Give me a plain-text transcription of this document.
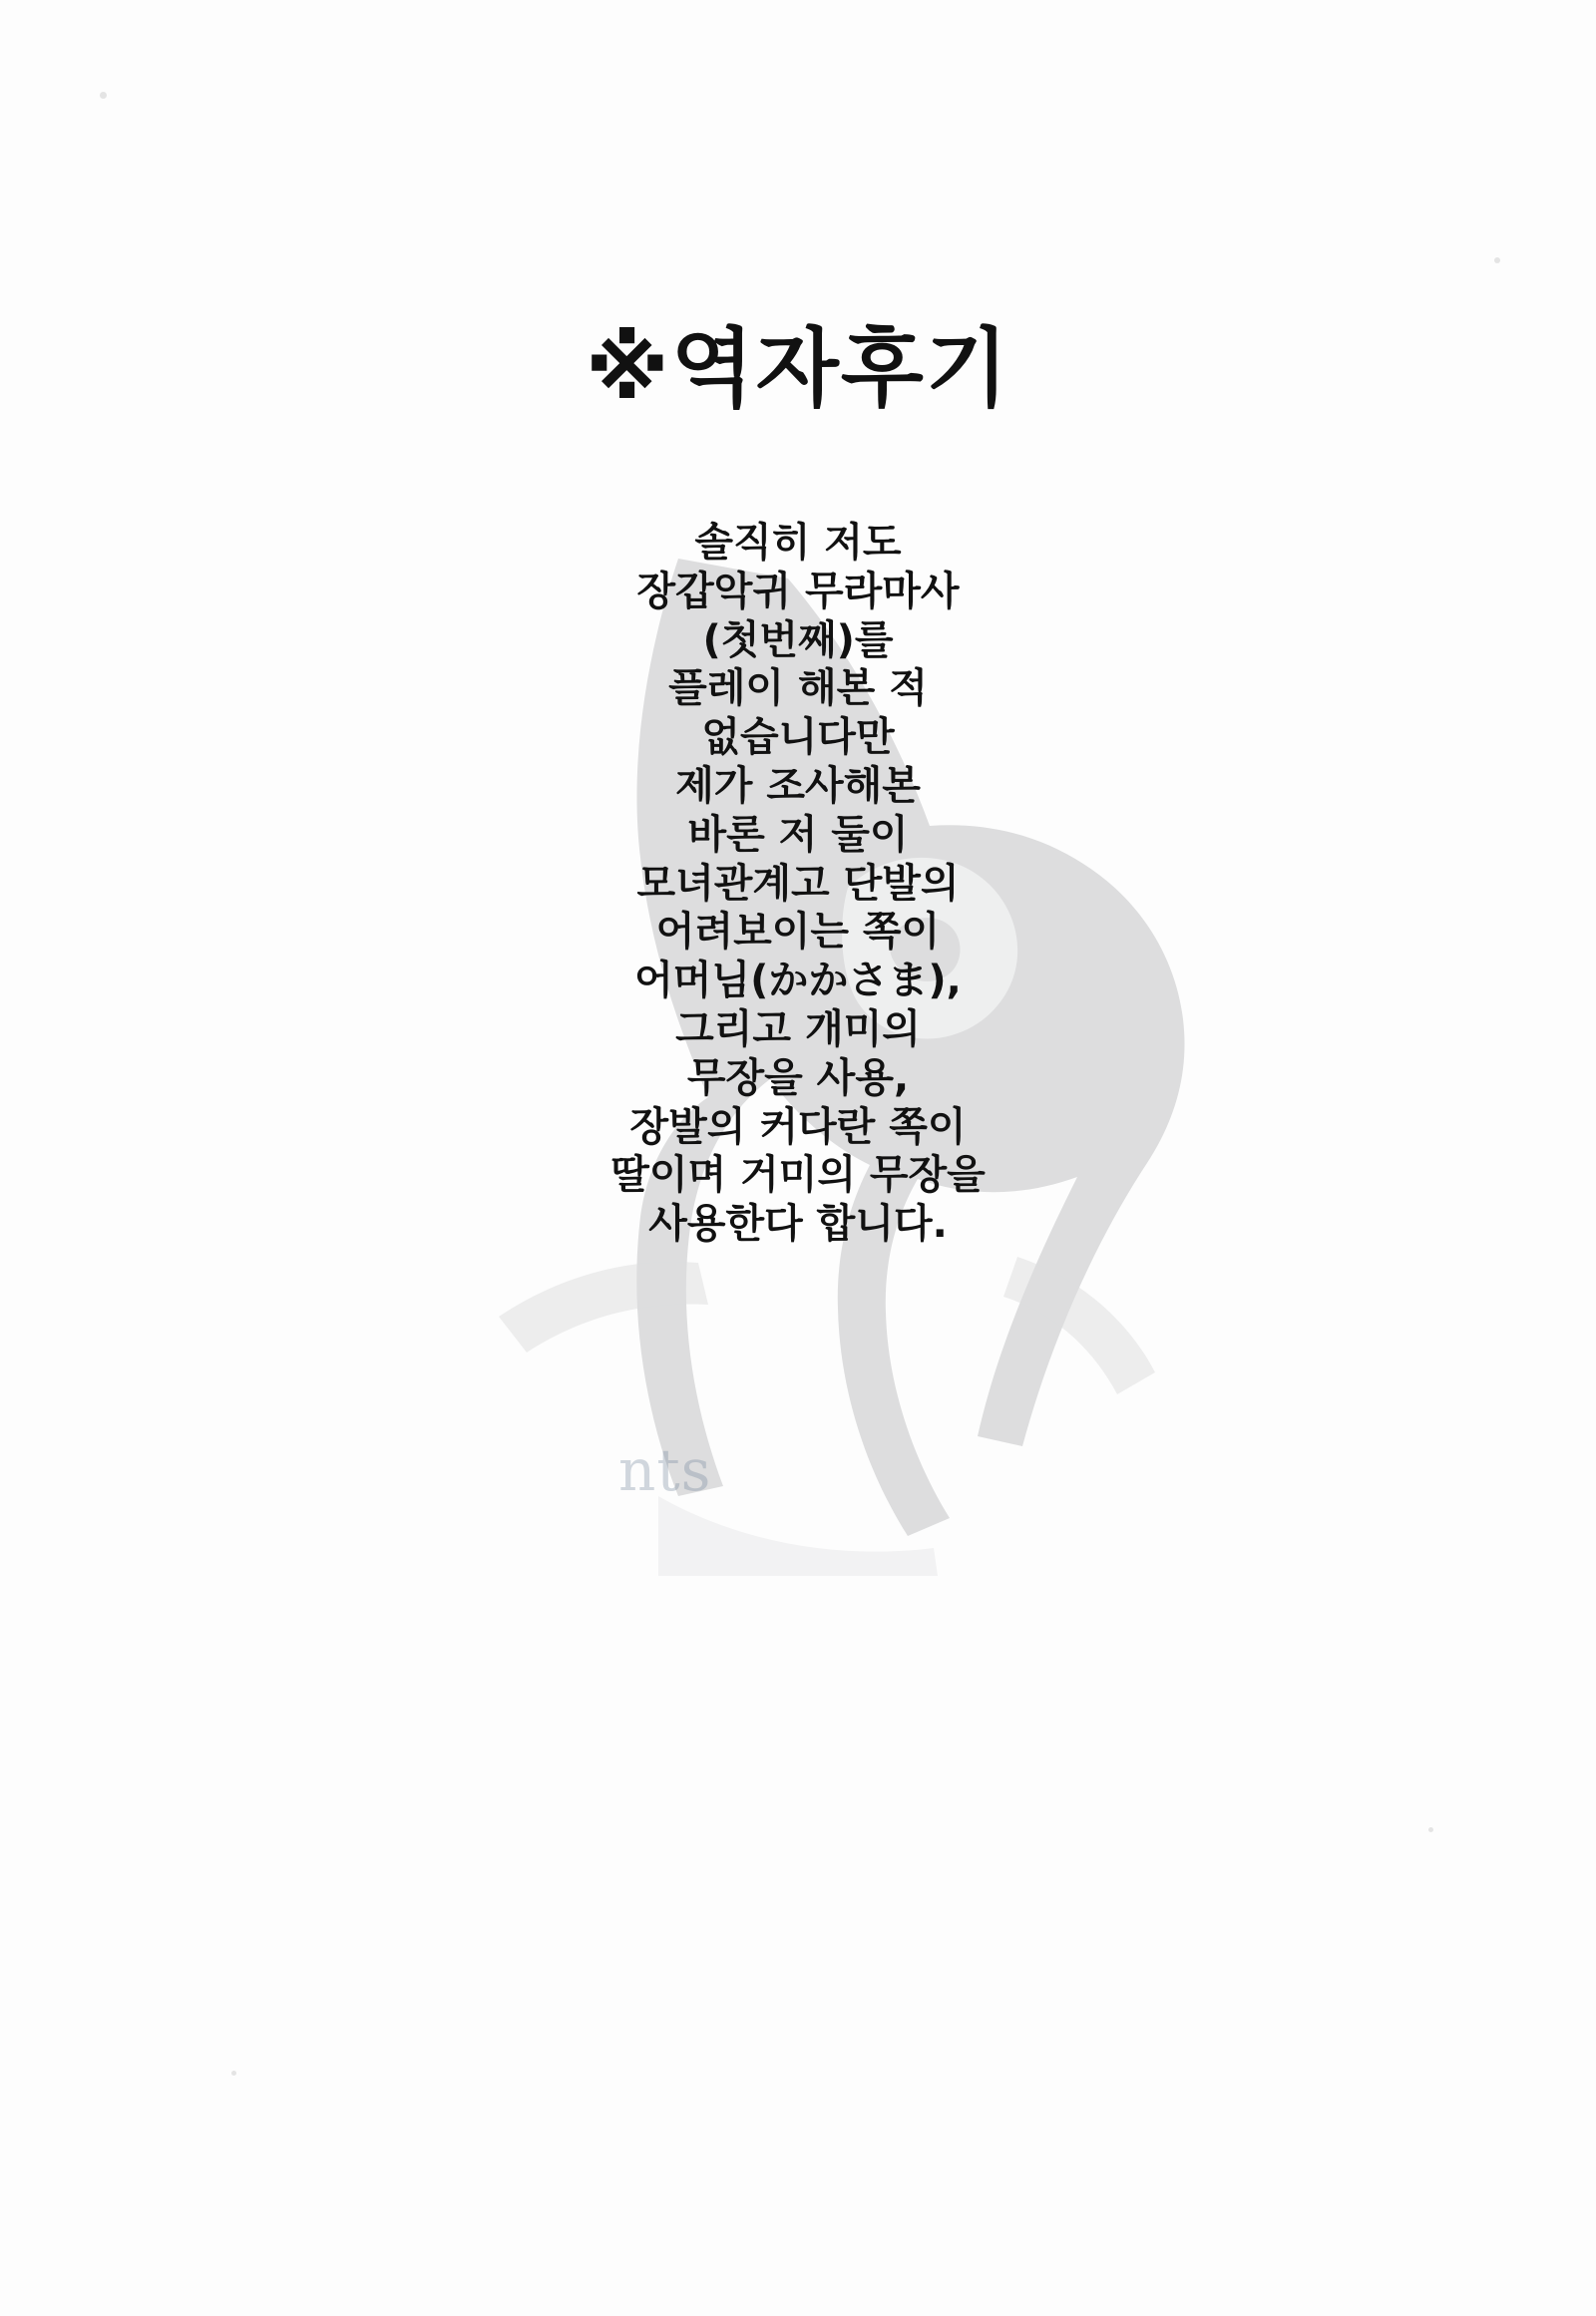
nts
※역자후기
솔직히 저도
장갑악귀 무라마사
(첫번째)를
플레이 해본 적
없습니다만
제가 조사해본
바론 저 둘이
모녀관계고 단발의
어려보이는 쪽이
어머님(かかさま),
그리고 개미의
무장을 사용,
장발의 커다란 쪽이
딸이며 거미의 무장을
사용한다 합니다.
